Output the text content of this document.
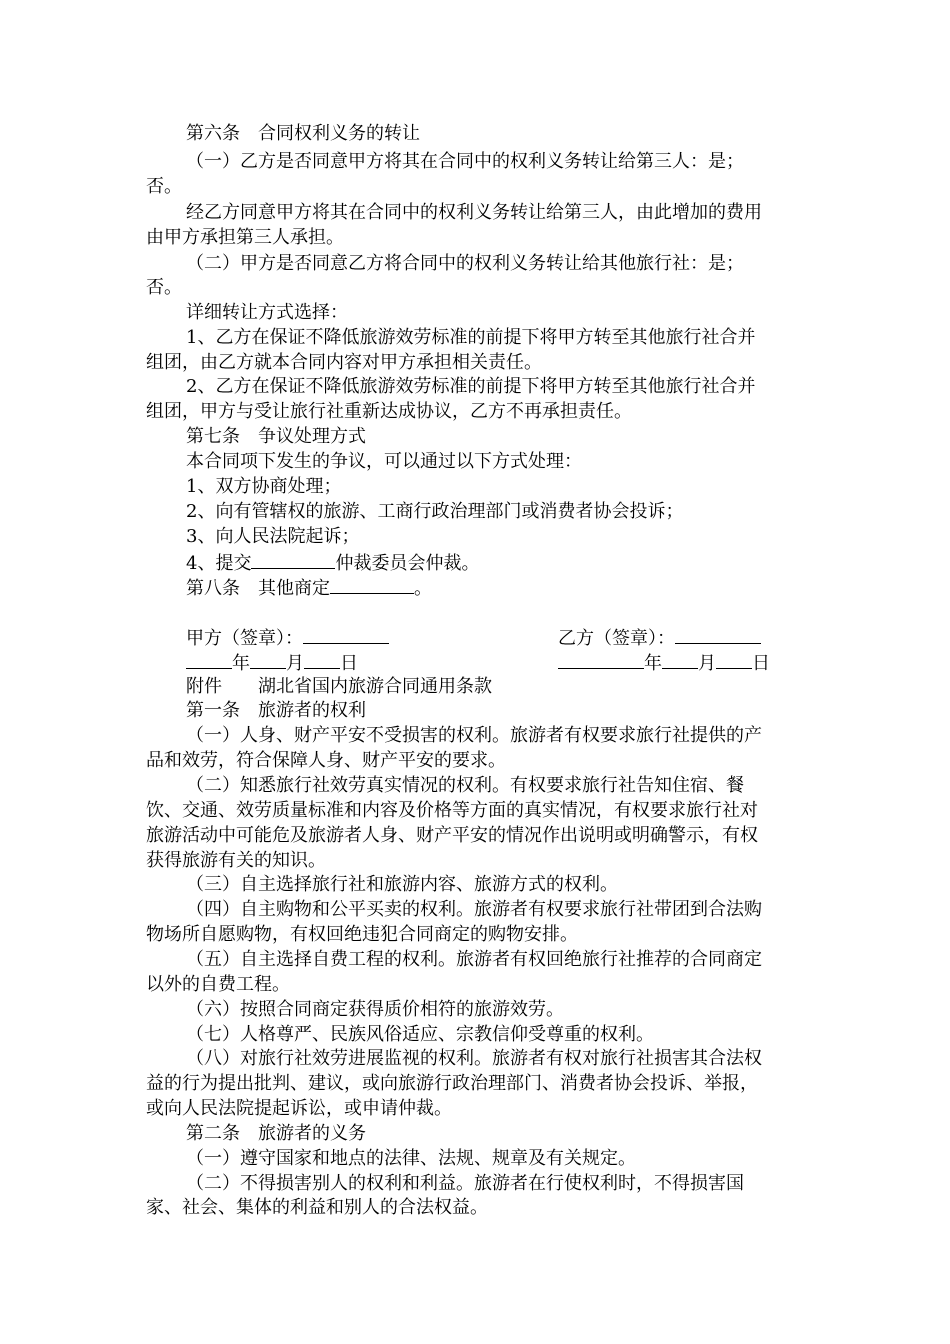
第六条　合同权利义务的转让
（一）乙方是否同意甲方将其在合同中的权利义务转让给第三人：是；
否。
经乙方同意甲方将其在合同中的权利义务转让给第三人，由此增加的费用
由甲方承担第三人承担。
（二）甲方是否同意乙方将合同中的权利义务转让给其他旅行社：是；
否。
详细转让方式选择：
1、乙方在保证不降低旅游效劳标准的前提下将甲方转至其他旅行社合并
组团，由乙方就本合同内容对甲方承担相关责任。
2、乙方在保证不降低旅游效劳标准的前提下将甲方转至其他旅行社合并
组团，甲方与受让旅行社重新达成协议，乙方不再承担责任。
第七条　争议处理方式
本合同项下发生的争议，可以通过以下方式处理：
1、双方协商处理；
2、向有管辖权的旅游、工商行政治理部门或消费者协会投诉；
3、向人民法院起诉；
4、提交	仲裁委员会仲裁。
第八条　其他商定	。
甲方（签章）：	乙方（签章）：
年 月 日	年 月 日
附件　　湖北省国内旅游合同通用条款
第一条　旅游者的权利
（一）人身、财产平安不受损害的权利。旅游者有权要求旅行社提供的产
品和效劳，符合保障人身、财产平安的要求。
（二）知悉旅行社效劳真实情况的权利。有权要求旅行社告知住宿、餐
饮、交通、效劳质量标准和内容及价格等方面的真实情况，有权要求旅行社对
旅游活动中可能危及旅游者人身、财产平安的情况作出说明或明确警示，有权
获得旅游有关的知识。
（三）自主选择旅行社和旅游内容、旅游方式的权利。
（四）自主购物和公平买卖的权利。旅游者有权要求旅行社带团到合法购
物场所自愿购物，有权回绝违犯合同商定的购物安排。
（五）自主选择自费工程的权利。旅游者有权回绝旅行社推荐的合同商定
以外的自费工程。
（六）按照合同商定获得质价相符的旅游效劳。
（七）人格尊严、民族风俗适应、宗教信仰受尊重的权利。
（八）对旅行社效劳进展监视的权利。旅游者有权对旅行社损害其合法权
益的行为提出批判、建议，或向旅游行政治理部门、消费者协会投诉、举报，
或向人民法院提起诉讼，或申请仲裁。
第二条　旅游者的义务
（一）遵守国家和地点的法律、法规、规章及有关规定。
（二）不得损害别人的权利和利益。旅游者在行使权利时，不得损害国
家、社会、集体的利益和别人的合法权益。
